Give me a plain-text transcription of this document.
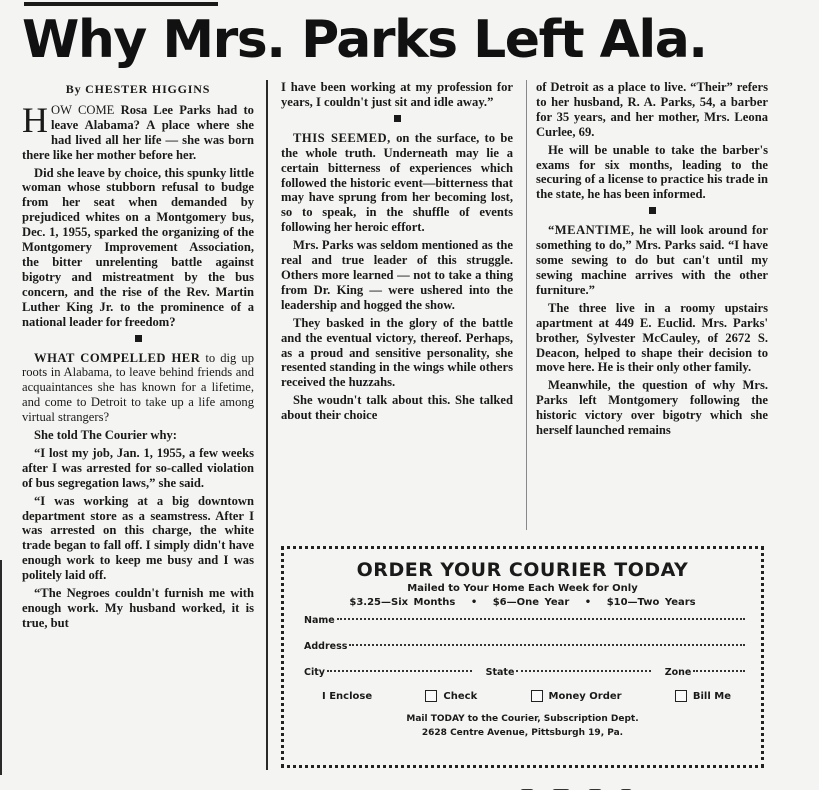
Why Mrs. Parks Left Ala.
By CHESTER HIGGINS

HOW COME Rosa Lee Parks had to leave Alabama? A place where she had lived all her life — she was born there like her mother before her.

Did she leave by choice, this spunky little woman whose stubborn refusal to budge from her seat when demanded by prejudiced whites on a Montgomery bus, Dec. 1, 1955, sparked the organizing of the Montgomery Improvement Association, the bitter unrelenting battle against bigotry and mistreatment by the bus concern, and the rise of the Rev. Martin Luther King Jr. to the prominence of a national leader for freedom?

WHAT COMPELLED HER to dig up roots in Alabama, to leave behind friends and acquaintances she has known for a lifetime, and come to Detroit to take up a life among virtual strangers?

She told The Courier why:

“I lost my job, Jan. 1, 1955, a few weeks after I was arrested for so-called violation of bus segregation laws,” she said.

“I was working at a big downtown department store as a seamstress. After I was arrested on this charge, the white trade began to fall off. I simply didn't have enough work to keep me busy and I was politely laid off.

“The Negroes couldn't furnish me with enough work. My husband worked, it is true, but

I have been working at my profession for years, I couldn't just sit and idle away.”

THIS SEEMED, on the surface, to be the whole truth. Underneath may lie a certain bitterness of experiences which followed the historic event—bitterness that may have sprung from her becoming lost, so to speak, in the shuffle of events following her heroic effort.

Mrs. Parks was seldom mentioned as the real and true leader of this struggle. Others more learned — not to take a thing from Dr. King — were ushered into the leadership and hogged the show.

They basked in the glory of the battle and the eventual victory, thereof. Perhaps, as a proud and sensitive personality, she resented standing in the wings while others received the huzzahs.

She woudn't talk about this. She talked about their choice

of Detroit as a place to live. “Their” refers to her husband, R. A. Parks, 54, a barber for 35 years, and her mother, Mrs. Leona Curlee, 69.

He will be unable to take the barber's exams for six months, leading to the securing of a license to practice his trade in the state, he has been informed.

“MEANTIME, he will look around for something to do,” Mrs. Parks said. “I have some sewing to do but can't until my sewing machine arrives with the other furniture.”

The three live in a roomy upstairs apartment at 449 E. Euclid. Mrs. Parks' brother, Sylvester McCauley, of 2672 S. Deacon, helped to shape their decision to move here. He is their only other family.

Meanwhile, the question of why Mrs. Parks left Montgomery following the historic victory over bigotry which she herself launched remains

ORDER YOUR COURIER TODAY
Mailed to Your Home Each Week for Only
$3.25—Six Months • $6—One Year • $10—Two Years
Name
Address
City	State	Zone
I Enclose	Check	Money Order	Bill Me
Mail TODAY to the Courier, Subscription Dept.
2628 Centre Avenue, Pittsburgh 19, Pa.
